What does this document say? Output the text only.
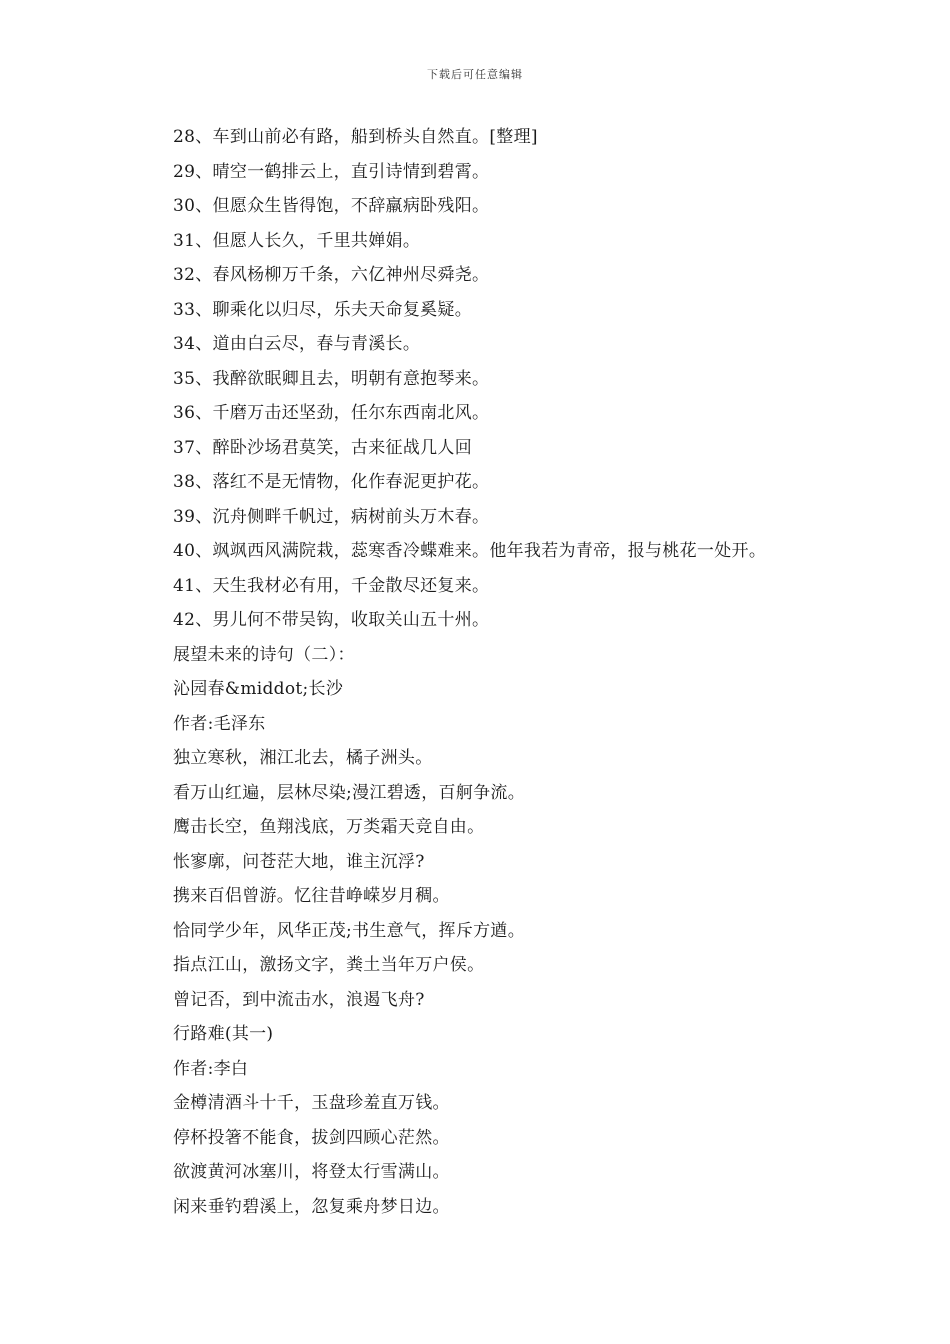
下载后可任意编辑
28、车到山前必有路，船到桥头自然直。[整理]
29、晴空一鹤排云上，直引诗情到碧霄。
30、但愿众生皆得饱，不辞羸病卧残阳。
31、但愿人长久，千里共婵娟。
32、春风杨柳万千条，六亿神州尽舜尧。
33、聊乘化以归尽，乐夫天命复奚疑。
34、道由白云尽，春与青溪长。
35、我醉欲眠卿且去，明朝有意抱琴来。
36、千磨万击还坚劲，任尔东西南北风。
37、醉卧沙场君莫笑，古来征战几人回
38、落红不是无情物，化作春泥更护花。
39、沉舟侧畔千帆过，病树前头万木春。
40、飒飒西风满院栽，蕊寒香冷蝶难来。他年我若为青帝，报与桃花一处开。
41、天生我材必有用，千金散尽还复来。
42、男儿何不带吴钩，收取关山五十州。
展望未来的诗句（二）：
沁园春&middot;长沙
作者:毛泽东
独立寒秋，湘江北去，橘子洲头。
看万山红遍，层林尽染;漫江碧透，百舸争流。
鹰击长空，鱼翔浅底，万类霜天竞自由。
怅寥廓，问苍茫大地，谁主沉浮?
携来百侣曾游。忆往昔峥嵘岁月稠。
恰同学少年，风华正茂;书生意气，挥斥方遒。
指点江山，激扬文字，粪土当年万户侯。
曾记否，到中流击水，浪遏飞舟?
行路难(其一)
作者:李白
金樽清酒斗十千，玉盘珍羞直万钱。
停杯投箸不能食，拔剑四顾心茫然。
欲渡黄河冰塞川，将登太行雪满山。
闲来垂钓碧溪上，忽复乘舟梦日边。
